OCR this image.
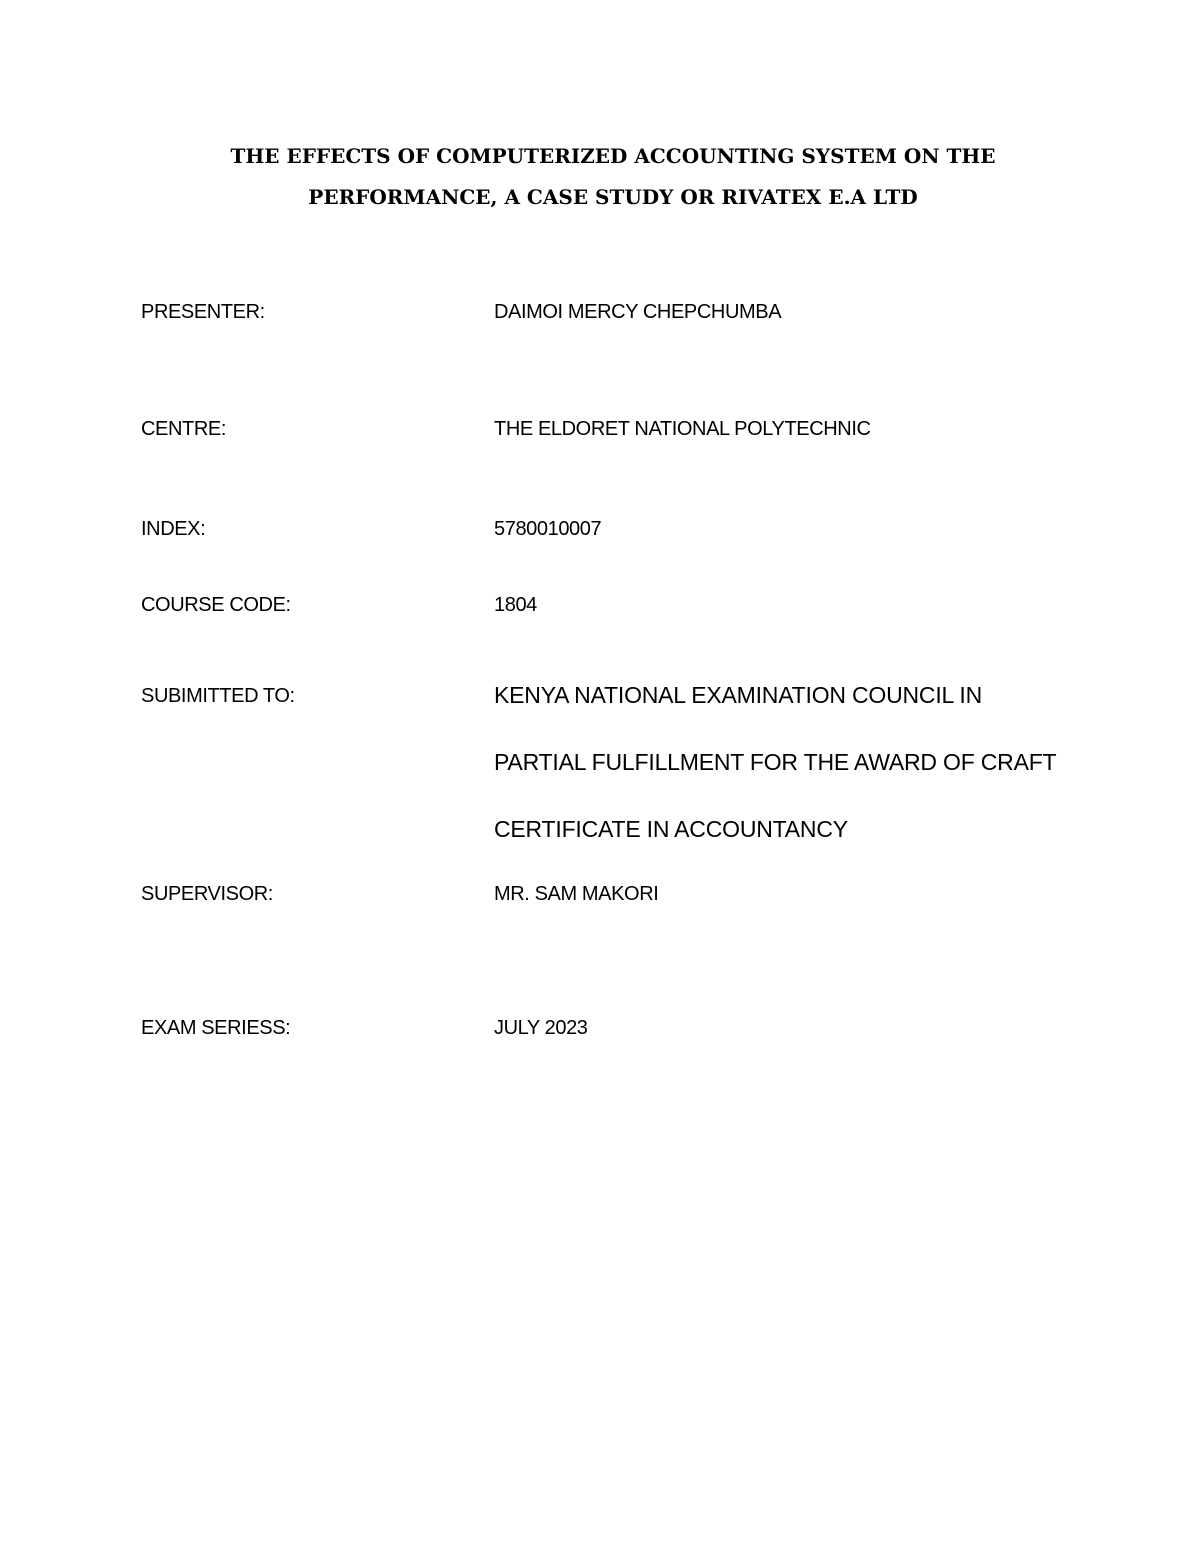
THE EFFECTS OF COMPUTERIZED ACCOUNTING SYSTEM ON THE
PERFORMANCE, A CASE STUDY OR RIVATEX E.A LTD
PRESENTER:	DAIMOI MERCY CHEPCHUMBA
CENTRE:	THE ELDORET NATIONAL POLYTECHNIC
INDEX:	5780010007
COURSE CODE:	1804
SUBIMITTED TO:	KENYA NATIONAL EXAMINATION COUNCIL IN
PARTIAL FULFILLMENT FOR THE AWARD OF CRAFT
CERTIFICATE IN ACCOUNTANCY
SUPERVISOR:	MR. SAM MAKORI
EXAM SERIESS:	JULY 2023
